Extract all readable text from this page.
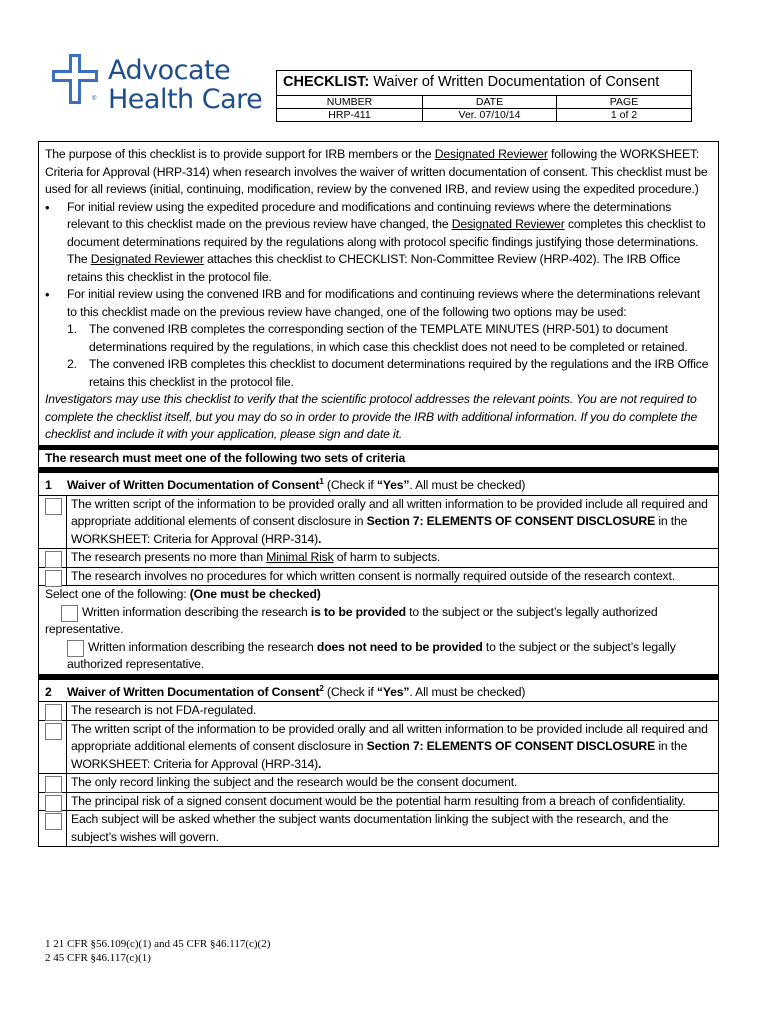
Advocate
Health Care
®
CHECKLIST: Waiver of Written Documentation of Consent
NUMBER	DATE	PAGE
HRP-411	Ver. 07/10/14	1 of 2

The purpose of this checklist is to provide support for IRB members or the Designated Reviewer following the WORKSHEET: Criteria for Approval (HRP-314) when research involves the waiver of written documentation of consent. This checklist must be used for all reviews (initial, continuing, modification, review by the convened IRB, and review using the expedited procedure.)

• For initial review using the expedited procedure and modifications and continuing reviews where the determinations relevant to this checklist made on the previous review have changed, the Designated Reviewer completes this checklist to document determinations required by the regulations along with protocol specific findings justifying those determinations. The Designated Reviewer attaches this checklist to CHECKLIST: Non-Committee Review (HRP-402). The IRB Office retains this checklist in the protocol file.
• For initial review using the convened IRB and for modifications and continuing reviews where the determinations relevant to this checklist made on the previous review have changed, one of the following two options may be used:
1. The convened IRB completes the corresponding section of the TEMPLATE MINUTES (HRP-501) to document determinations required by the regulations, in which case this checklist does not need to be completed or retained.
2. The convened IRB completes this checklist to document determinations required by the regulations and the IRB Office retains this checklist in the protocol file.

Investigators may use this checklist to verify that the scientific protocol addresses the relevant points. You are not required to complete the checklist itself, but you may do so in order to provide the IRB with additional information. If you do complete the checklist and include it with your application, please sign and date it.

The research must meet one of the following two sets of criteria
1 Waiver of Written Documentation of Consent$^1$ (Check if “Yes”. All must be checked)
The written script of the information to be provided orally and all written information to be provided include all required and appropriate additional elements of consent disclosure in Section 7: ELEMENTS OF CONSENT DISCLOSURE in the WORKSHEET: Criteria for Approval (HRP-314).
The research presents no more than Minimal Risk of harm to subjects.
The research involves no procedures for which written consent is normally required outside of the research context.
Select one of the following: (One must be checked)
Written information describing the research is to be provided to the subject or the subject’s legally authorized representative.
Written information describing the research does not need to be provided to the subject or the subject’s legally authorized representative.
2 Waiver of Written Documentation of Consent$^2$ (Check if “Yes”. All must be checked)
The research is not FDA-regulated.
The written script of the information to be provided orally and all written information to be provided include all required and appropriate additional elements of consent disclosure in Section 7: ELEMENTS OF CONSENT DISCLOSURE in the WORKSHEET: Criteria for Approval (HRP-314).
The only record linking the subject and the research would be the consent document.
The principal risk of a signed consent document would be the potential harm resulting from a breach of confidentiality.
Each subject will be asked whether the subject wants documentation linking the subject with the research, and the subject’s wishes will govern.
1 21 CFR §56.109(c)(1) and 45 CFR §46.117(c)(2)
2 45 CFR §46.117(c)(1)
